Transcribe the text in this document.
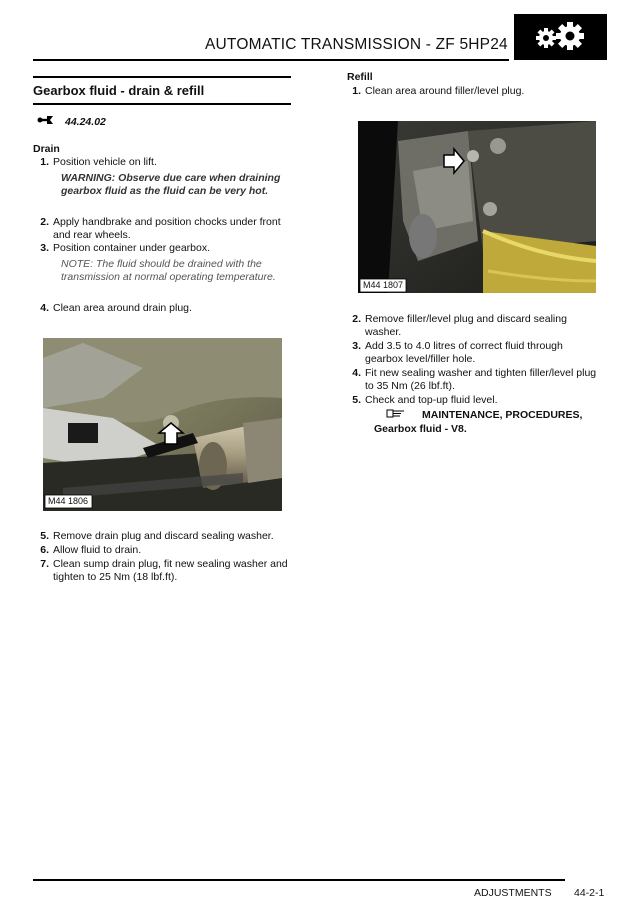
AUTOMATIC TRANSMISSION - ZF 5HP24
Gearbox fluid - drain & refill
44.24.02
Drain
1. Position vehicle on lift.
WARNING: Observe due care when draining gearbox fluid as the fluid can be very hot.
2. Apply handbrake and position chocks under front and rear wheels.
3. Position container under gearbox.
NOTE: The fluid should be drained with the transmission at normal operating temperature.
4. Clean area around drain plug.
M44 1806
5. Remove drain plug and discard sealing washer.
6. Allow fluid to drain.
7. Clean sump drain plug, fit new sealing washer and tighten to 25 Nm (18 lbf.ft).
Refill
1. Clean area around filler/level plug.
M44 1807
2. Remove filler/level plug and discard sealing washer.
3. Add 3.5 to 4.0 litres of correct fluid through gearbox level/filler hole.
4. Fit new sealing washer and tighten filler/level plug to 35 Nm (26 lbf.ft).
5. Check and top-up fluid level.
MAINTENANCE, PROCEDURES,
Gearbox fluid - V8.
ADJUSTMENTS 44-2-1
